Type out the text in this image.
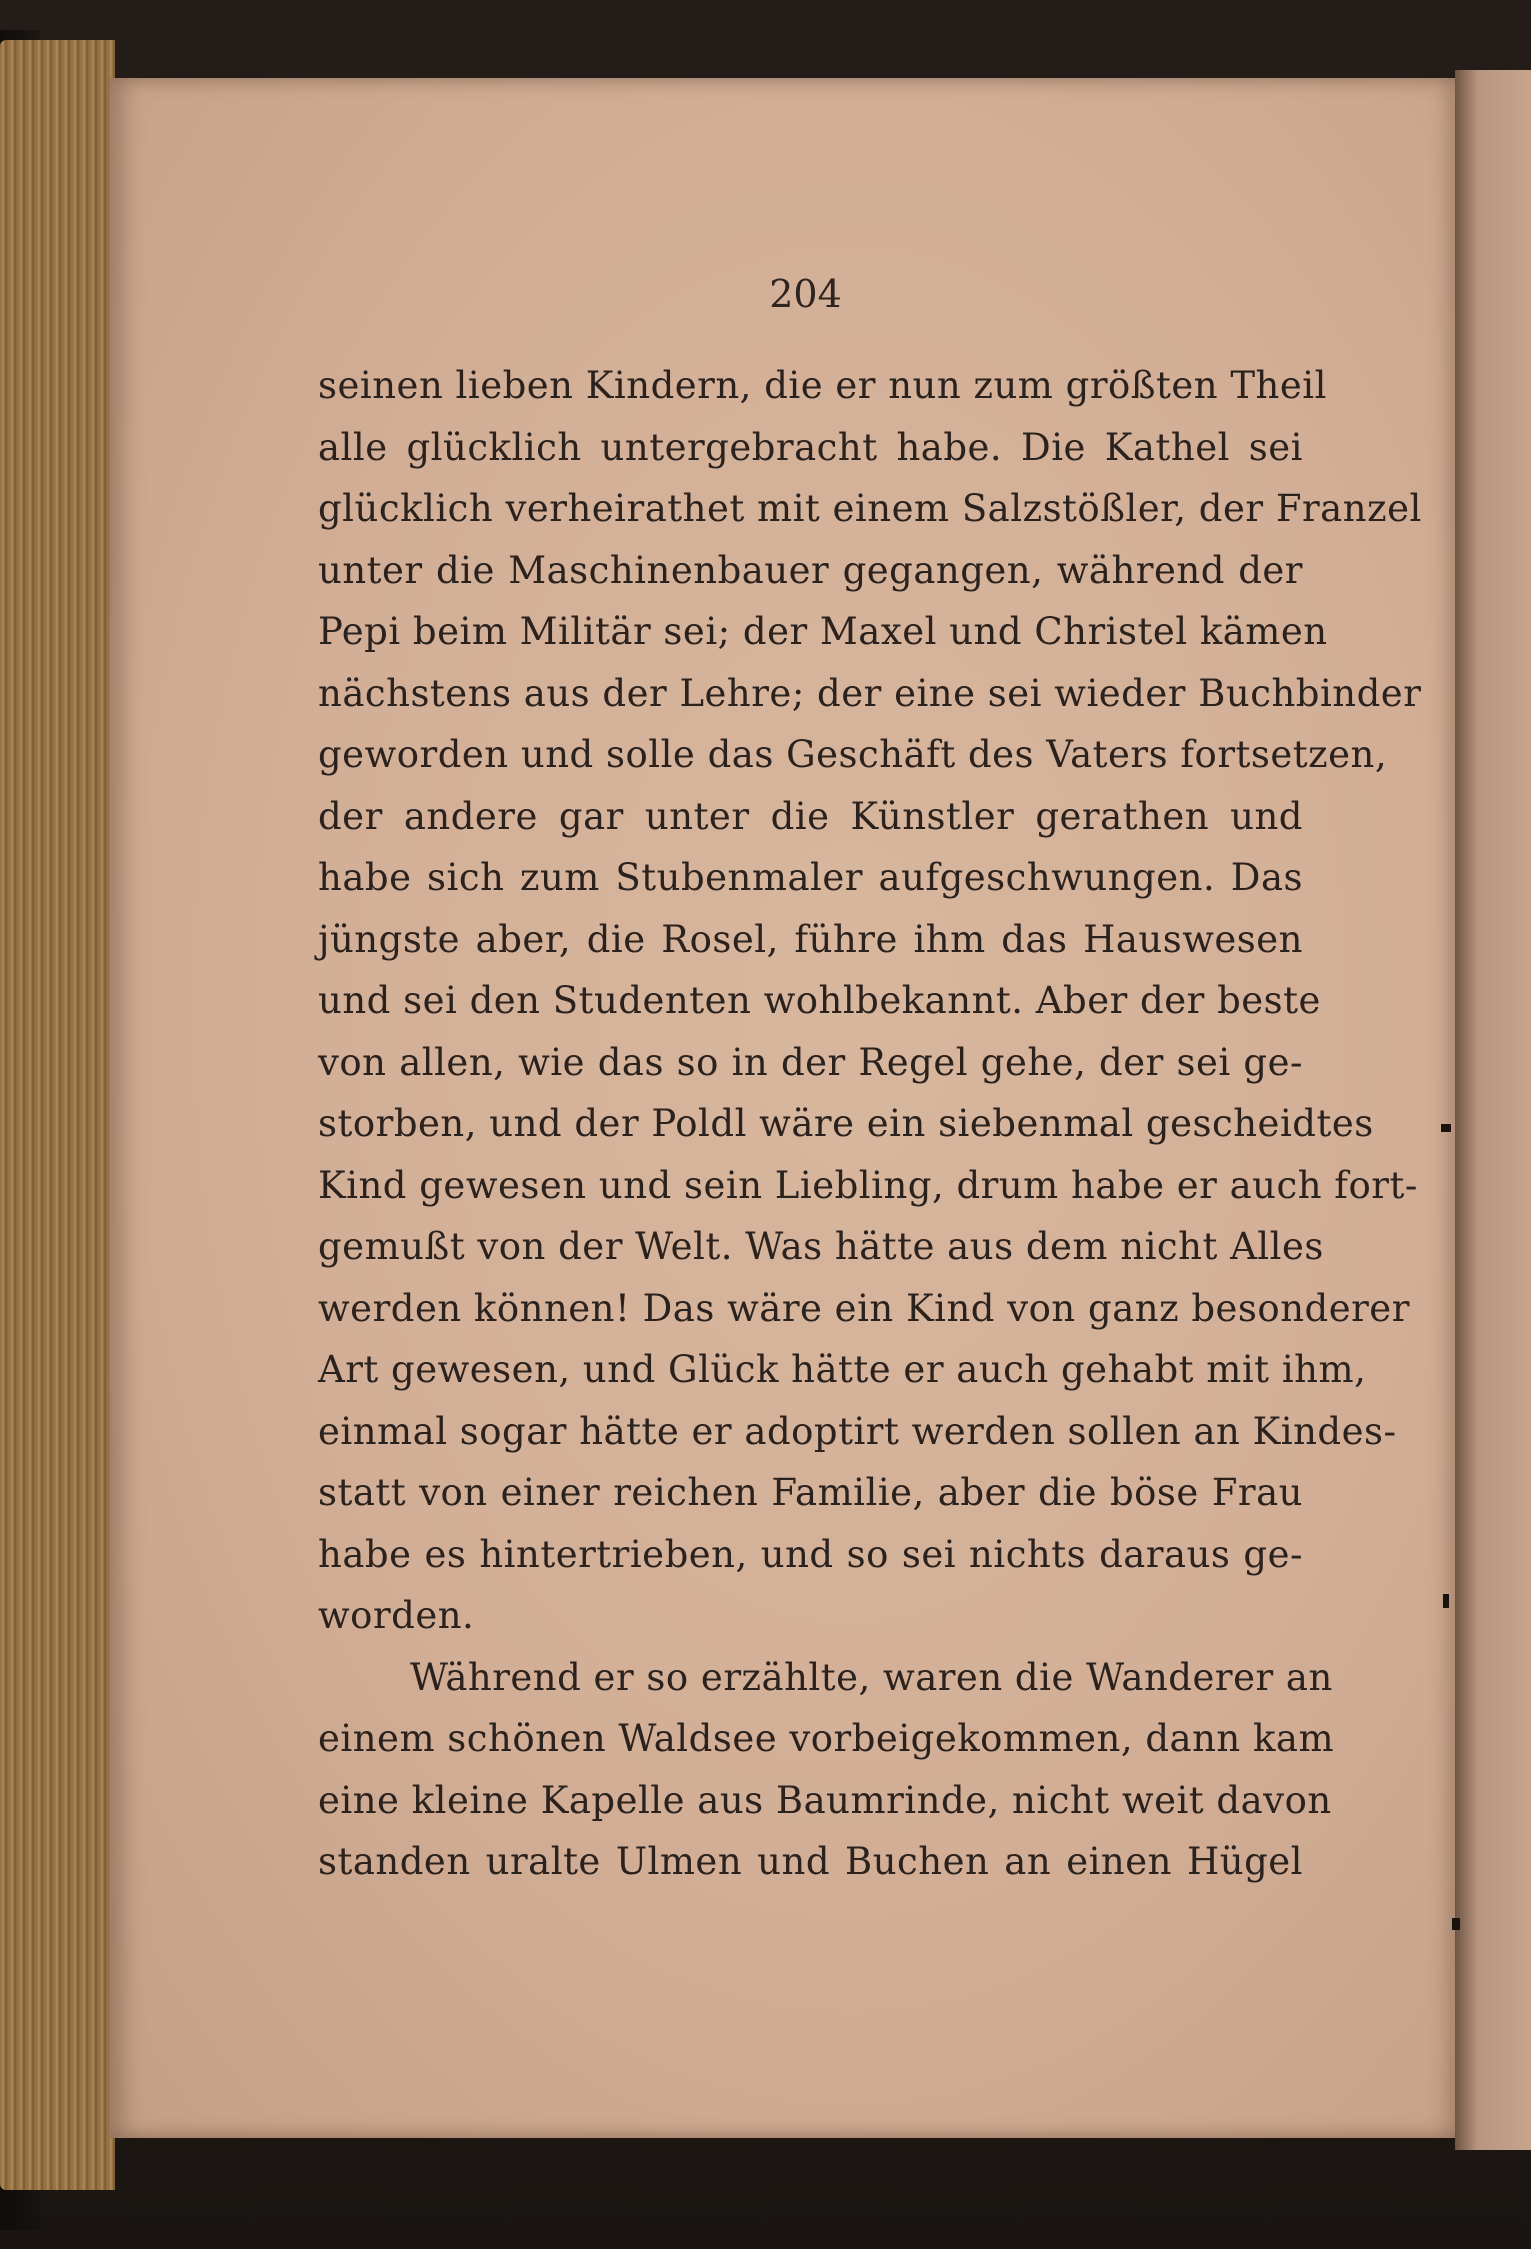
204
seinen lieben Kindern, die er nun zum größten Theil
alle glücklich untergebracht habe. Die Kathel sei
glücklich verheirathet mit einem Salzstößler, der Franzel
unter die Maschinenbauer gegangen, während der
Pepi beim Militär sei; der Maxel und Christel kämen
nächstens aus der Lehre; der eine sei wieder Buchbinder
geworden und solle das Geschäft des Vaters fortsetzen,
der andere gar unter die Künstler gerathen und
habe sich zum Stubenmaler aufgeschwungen. Das
jüngste aber, die Rosel, führe ihm das Hauswesen
und sei den Studenten wohlbekannt. Aber der beste
von allen, wie das so in der Regel gehe, der sei ge-
storben, und der Poldl wäre ein siebenmal gescheidtes
Kind gewesen und sein Liebling, drum habe er auch fort-
gemußt von der Welt. Was hätte aus dem nicht Alles
werden können! Das wäre ein Kind von ganz besonderer
Art gewesen, und Glück hätte er auch gehabt mit ihm,
einmal sogar hätte er adoptirt werden sollen an Kindes-
statt von einer reichen Familie, aber die böse Frau
habe es hintertrieben, und so sei nichts daraus ge-
worden.
Während er so erzählte, waren die Wanderer an
einem schönen Waldsee vorbeigekommen, dann kam
eine kleine Kapelle aus Baumrinde, nicht weit davon
standen uralte Ulmen und Buchen an einen Hügel
